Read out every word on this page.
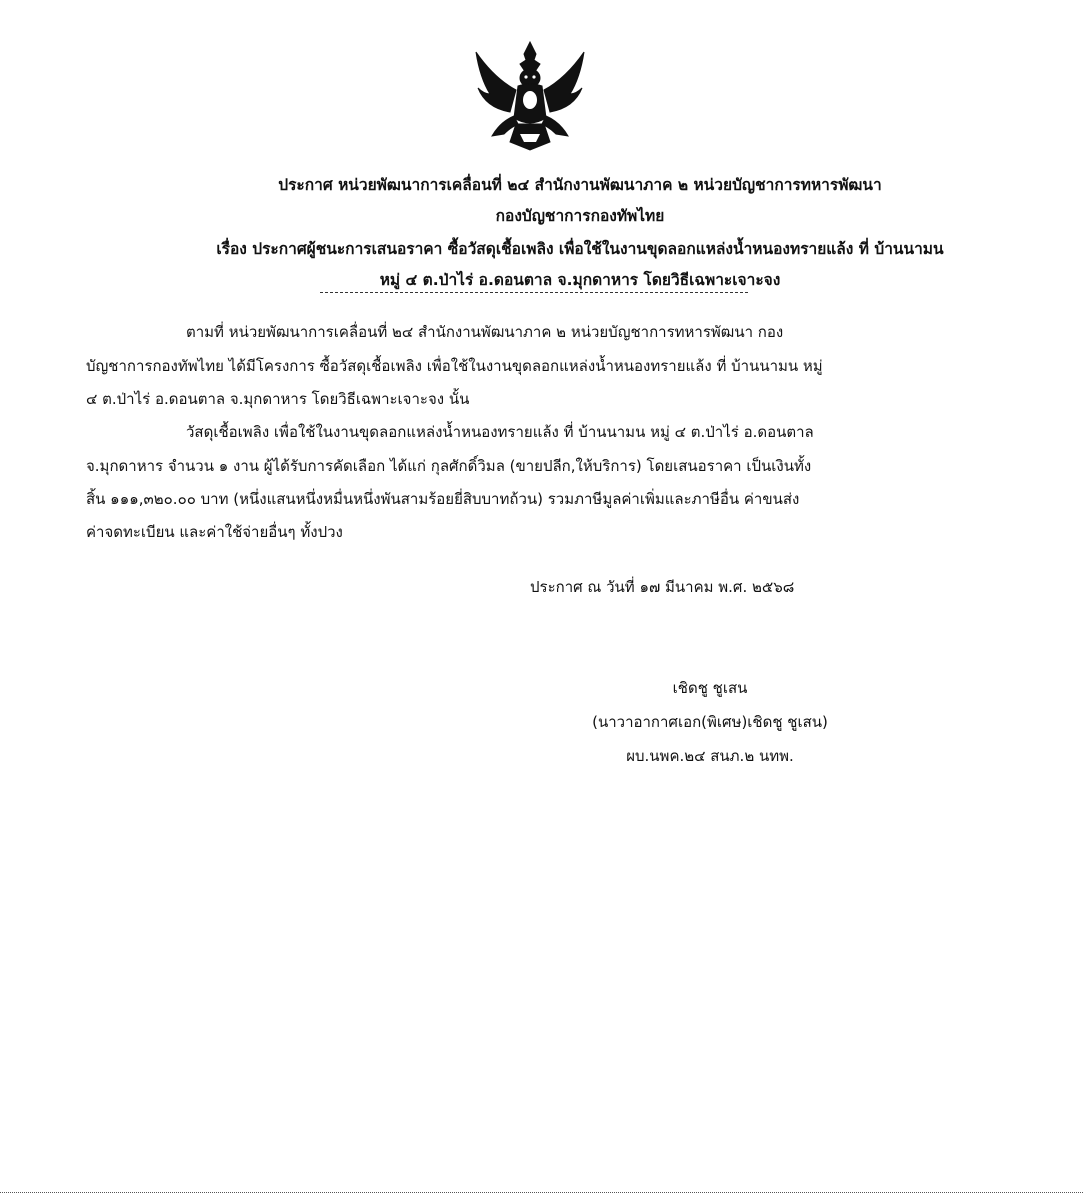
ประกาศ หน่วยพัฒนาการเคลื่อนที่ ๒๔ สำนักงานพัฒนาภาค ๒ หน่วยบัญชาการทหารพัฒนา
กองบัญชาการกองทัพไทย
เรื่อง ประกาศผู้ชนะการเสนอราคา ซื้อวัสดุเชื้อเพลิง เพื่อใช้ในงานขุดลอกแหล่งน้ำหนองทรายแล้ง ที่ บ้านนามน
หมู่ ๔ ต.ป่าไร่ อ.ดอนตาล จ.มุกดาหาร โดยวิธีเฉพาะเจาะจง
ตามที่ หน่วยพัฒนาการเคลื่อนที่ ๒๔ สำนักงานพัฒนาภาค ๒ หน่วยบัญชาการทหารพัฒนา กอง
บัญชาการกองทัพไทย ได้มีโครงการ ซื้อวัสดุเชื้อเพลิง เพื่อใช้ในงานขุดลอกแหล่งน้ำหนองทรายแล้ง ที่ บ้านนามน หมู่
๔ ต.ป่าไร่ อ.ดอนตาล จ.มุกดาหาร โดยวิธีเฉพาะเจาะจง นั้น
วัสดุเชื้อเพลิง เพื่อใช้ในงานขุดลอกแหล่งน้ำหนองทรายแล้ง ที่ บ้านนามน หมู่ ๔ ต.ป่าไร่ อ.ดอนตาล
จ.มุกดาหาร จำนวน ๑ งาน ผู้ได้รับการคัดเลือก ได้แก่ กุลศักดิ์วิมล (ขายปลีก,ให้บริการ) โดยเสนอราคา เป็นเงินทั้ง
สิ้น ๑๑๑,๓๒๐.๐๐ บาท (หนึ่งแสนหนึ่งหมื่นหนึ่งพันสามร้อยยี่สิบบาทถ้วน) รวมภาษีมูลค่าเพิ่มและภาษีอื่น ค่าขนส่ง
ค่าจดทะเบียน และค่าใช้จ่ายอื่นๆ ทั้งปวง
ประกาศ ณ วันที่ ๑๗ มีนาคม พ.ศ. ๒๕๖๘
เชิดชู ชูเสน
(นาวาอากาศเอก(พิเศษ)เชิดชู ชูเสน)
ผบ.นพค.๒๔ สนภ.๒ นทพ.
